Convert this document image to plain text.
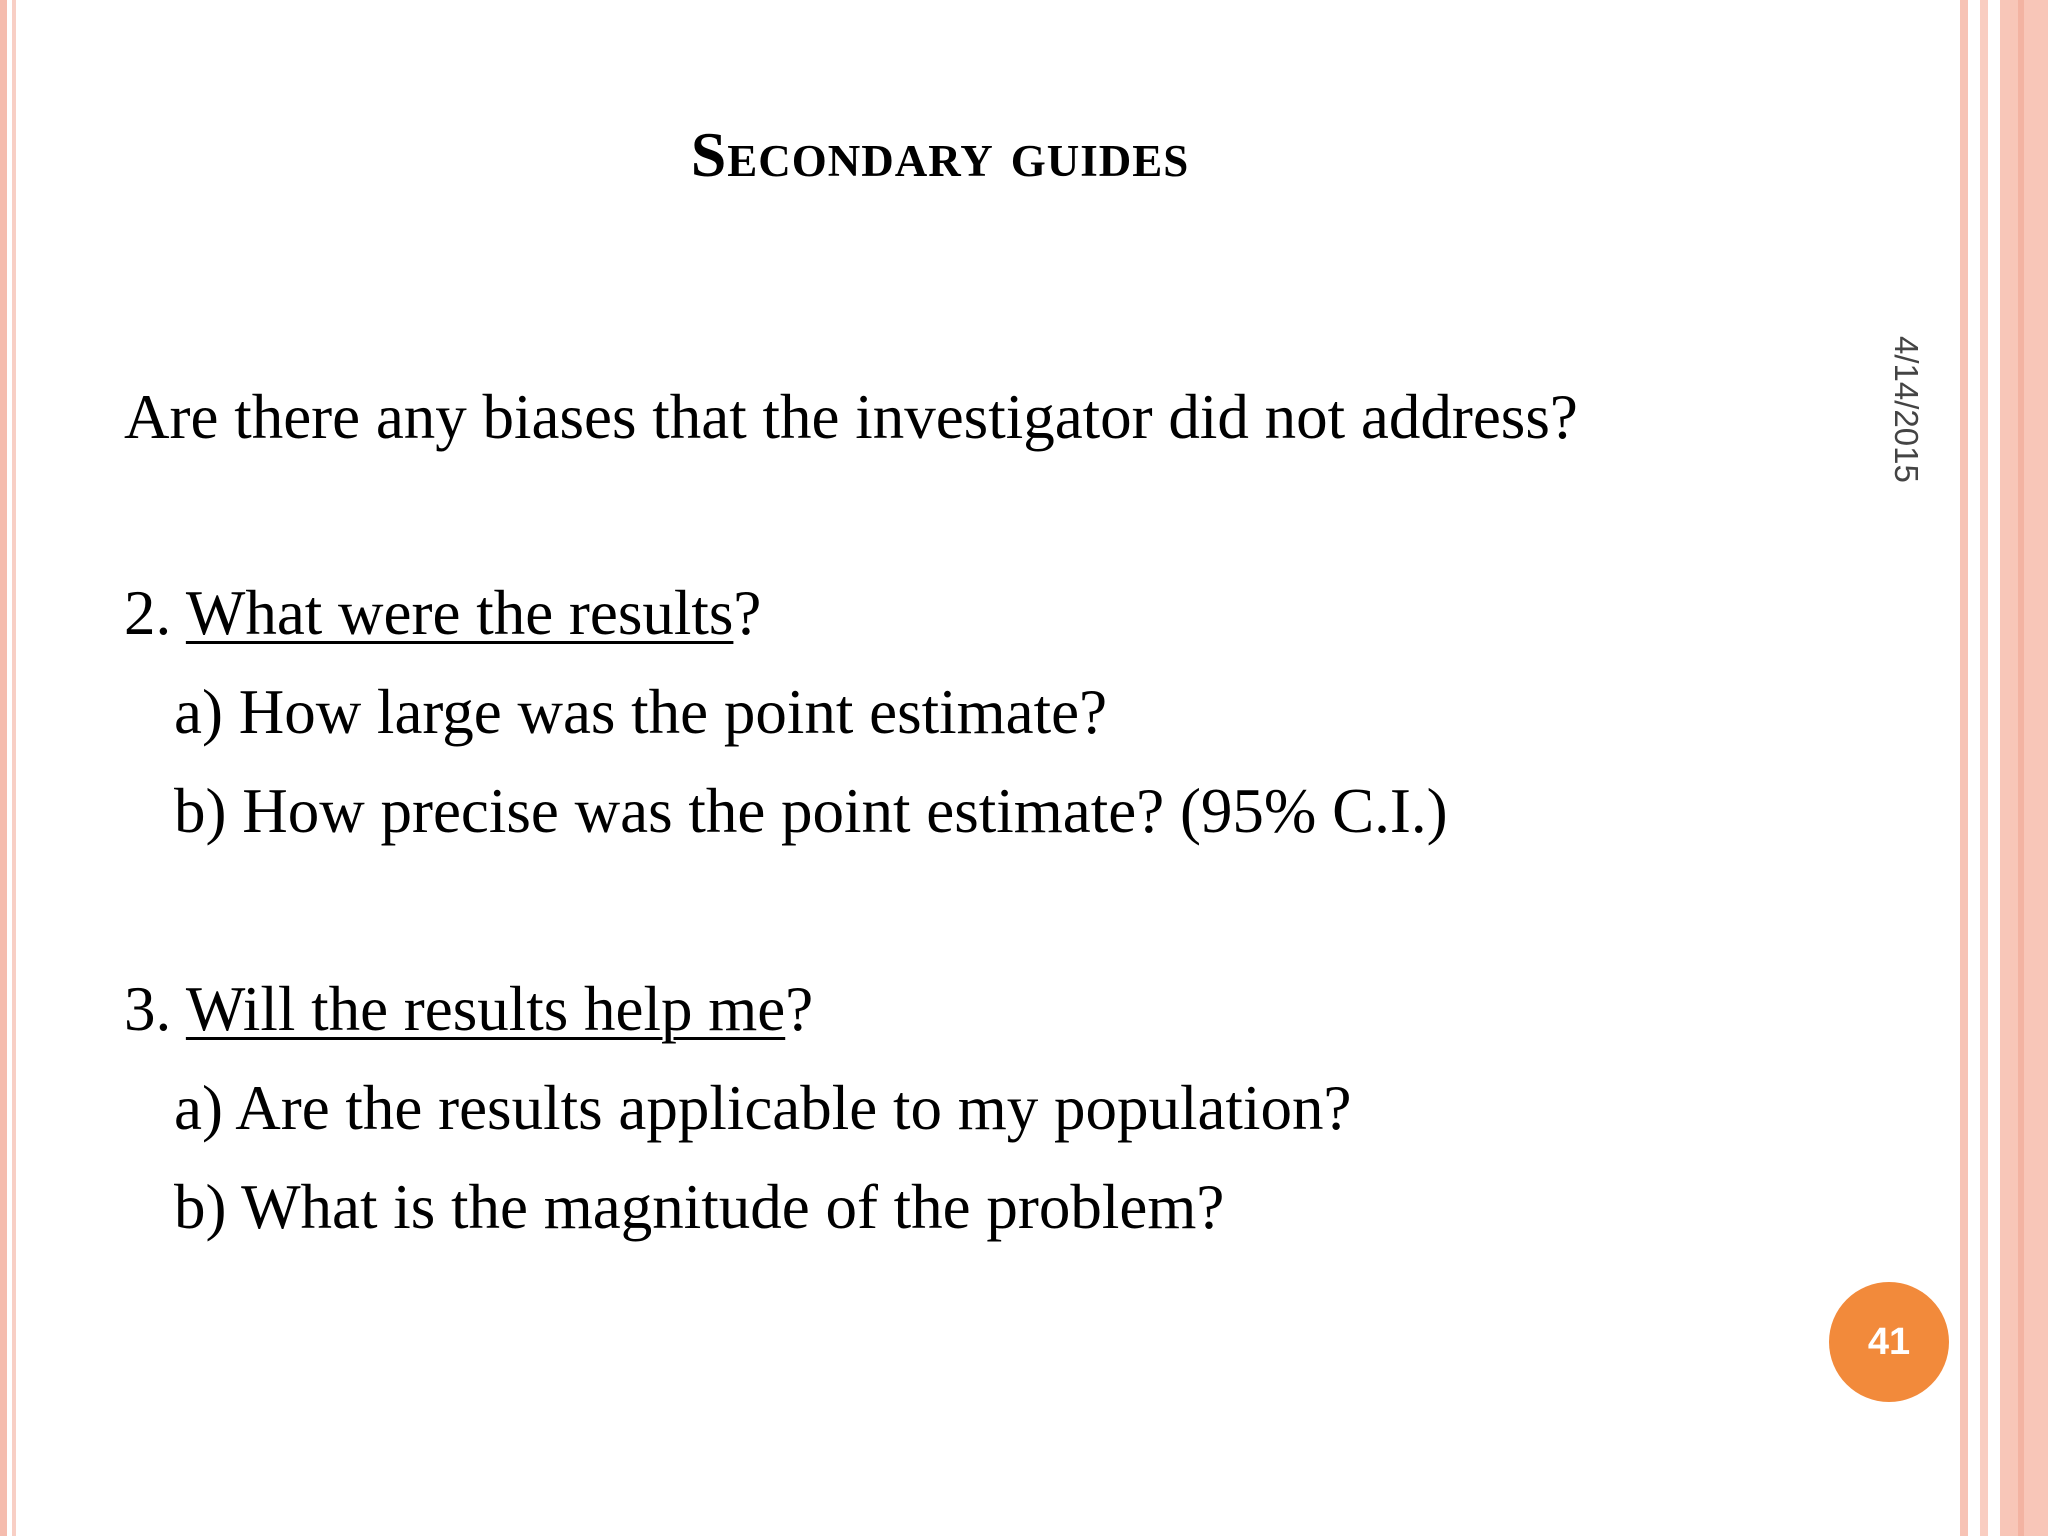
Secondary guides
4/14/2015
Are there any biases that the investigator did not address?
2. What were the results?
a) How large was the point estimate?
b) How precise was the point estimate? (95% C.I.)
3. Will the results help me?
a) Are the results applicable to my population?
b) What is the magnitude of the problem?
41
